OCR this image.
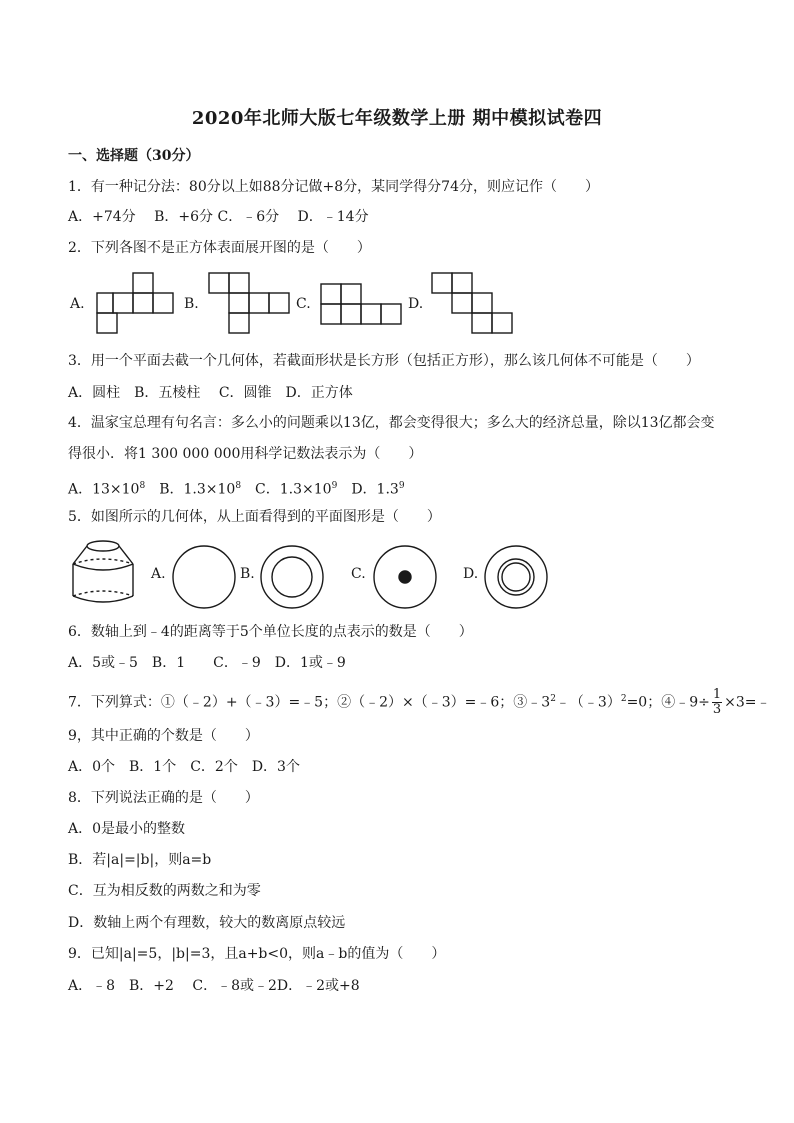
2020年北师大版七年级数学上册 期中模拟试卷四
一、选择题（30分）
1．有一种记分法：80分以上如88分记做+8分，某同学得分74分，则应记作（　　）
A．+74分　 B．+6分 C．﹣6分　 D．﹣14分
2．下列各图不是正方体表面展开图的是（　　）
A.	B.	C.	D.
3．用一个平面去截一个几何体，若截面形状是长方形（包括正方形），那么该几何体不可能是（　　）
A．圆柱　B．五棱柱　 C．圆锥　D．正方体
4．温家宝总理有句名言：多么小的问题乘以13亿，都会变得很大；多么大的经济总量，除以13亿都会变
得很小．将1 300 000 000用科学记数法表示为（　　）
A．$13\times 10^8$　B．$1.3\times 10^8$　C．$1.3\times 10^9$　D．$1.3^9$
5．如图所示的几何体，从上面看得到的平面图形是（　　）
A.	B.	C.	D.
6．数轴上到﹣4的距离等于5个单位长度的点表示的数是（　　）
A．5或﹣5　B．1　　C．﹣9　D．1或﹣9
7．下列算式：①（﹣2）+（﹣3）=﹣5；②（﹣2）×（﹣3）=﹣6；$③﹣3^2﹣(﹣3)^2=0$；④﹣9÷ $\frac{1}{3}$ ×3=﹣
9，其中正确的个数是（　　）
A．0个　B．1个　C．2个　D．3个
8．下列说法正确的是（　　）
A．0是最小的整数
B．若|a|=|b|，则a=b
C．互为相反数的两数之和为零
D．数轴上两个有理数，较大的数离原点较远
9．已知|a|=5，|b|=3，且a+b<0，则a﹣b的值为（　　）
A．﹣8　B．+2　 C．﹣8或﹣2D．﹣2或+8
